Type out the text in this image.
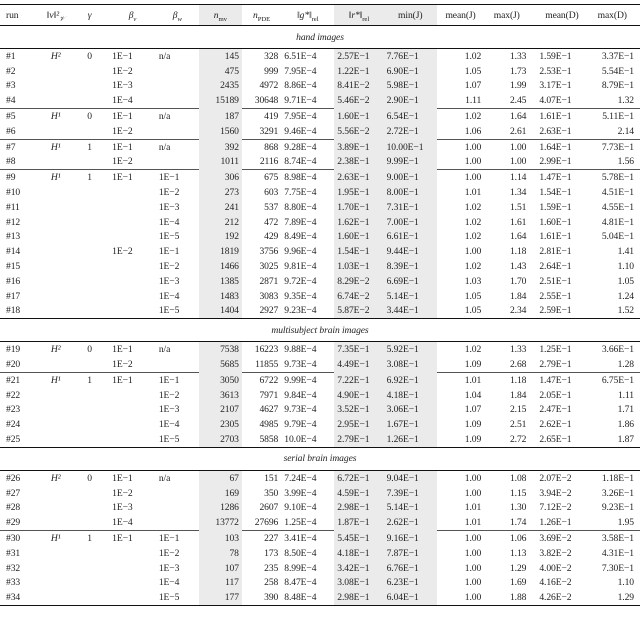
run	$‖v‖^2_𝒱$	γ	$\beta_v$	$\beta_w$	$n_{mv}$	$n_{PDE}$	$‖g*‖_{rel}$	$‖r*‖_{rel}$	min(J)	mean(J)	max(J)	mean(D)	max(D)
hand images													
#1	H²	0	1E−1	n/a	145	328	6.51E−4	2.57E−1	7.76E−1	1.02	1.33	1.59E−1	3.37E−1
#2			1E−2		475	999	7.95E−4	1.22E−1	6.90E−1	1.05	1.73	2.53E−1	5.54E−1
#3			1E−3		2435	4972	8.86E−4	8.41E−2	5.98E−1	1.07	1.99	3.17E−1	8.79E−1
#4			1E−4		15189	30648	9.71E−4	5.46E−2	2.90E−1	1.11	2.45	4.07E−1	1.32
#5	H¹	0	1E−1	n/a	187	419	7.95E−4	1.60E−1	6.54E−1	1.02	1.64	1.61E−1	5.11E−1
#6			1E−2		1560	3291	9.46E−4	5.56E−2	2.72E−1	1.06	2.61	2.63E−1	2.14
#7	H¹	1	1E−1	n/a	392	868	9.28E−4	3.89E−1	10.00E−1	1.00	1.00	1.64E−1	7.73E−1
#8			1E−2		1011	2116	8.74E−4	2.38E−1	9.99E−1	1.00	1.00	2.99E−1	1.56
#9	H¹	1	1E−1	1E−1	306	675	8.98E−4	2.63E−1	9.00E−1	1.00	1.14	1.47E−1	5.78E−1
#10				1E−2	273	603	7.75E−4	1.95E−1	8.00E−1	1.01	1.34	1.54E−1	4.51E−1
#11				1E−3	241	537	8.80E−4	1.70E−1	7.31E−1	1.02	1.51	1.59E−1	4.55E−1
#12				1E−4	212	472	7.89E−4	1.62E−1	7.00E−1	1.02	1.61	1.60E−1	4.81E−1
#13				1E−5	192	429	8.49E−4	1.60E−1	6.61E−1	1.02	1.64	1.61E−1	5.04E−1
#14			1E−2	1E−1	1819	3756	9.96E−4	1.54E−1	9.44E−1	1.00	1.18	2.81E−1	1.41
#15				1E−2	1466	3025	9.81E−4	1.03E−1	8.39E−1	1.02	1.43	2.64E−1	1.10
#16				1E−3	1385	2871	9.72E−4	8.29E−2	6.69E−1	1.03	1.70	2.51E−1	1.05
#17				1E−4	1483	3083	9.35E−4	6.74E−2	5.14E−1	1.05	1.84	2.55E−1	1.24
#18				1E−5	1404	2927	9.23E−4	5.87E−2	3.44E−1	1.05	2.34	2.59E−1	1.52
multisubject brain images													
#19	H²	0	1E−1	n/a	7538	16223	9.88E−4	7.35E−1	5.92E−1	1.02	1.33	1.25E−1	3.66E−1
#20			1E−2		5685	11855	9.73E−4	4.49E−1	3.08E−1	1.09	2.68	2.79E−1	1.28
#21	H¹	1	1E−1	1E−1	3050	6722	9.99E−4	7.22E−1	6.92E−1	1.01	1.18	1.47E−1	6.75E−1
#22				1E−2	3613	7971	9.84E−4	4.90E−1	4.18E−1	1.04	1.84	2.05E−1	1.11
#23				1E−3	2107	4627	9.73E−4	3.52E−1	3.06E−1	1.07	2.15	2.47E−1	1.71
#24				1E−4	2305	4985	9.79E−4	2.95E−1	1.67E−1	1.09	2.51	2.62E−1	1.86
#25				1E−5	2703	5858	10.0E−4	2.79E−1	1.26E−1	1.09	2.72	2.65E−1	1.87
serial brain images													
#26	H²	0	1E−1	n/a	67	151	7.24E−4	6.72E−1	9.04E−1	1.00	1.08	2.07E−2	1.18E−1
#27			1E−2		169	350	3.99E−4	4.59E−1	7.39E−1	1.00	1.15	3.94E−2	3.26E−1
#28			1E−3		1286	2607	9.10E−4	2.98E−1	5.14E−1	1.01	1.30	7.12E−2	9.23E−1
#29			1E−4		13772	27696	1.25E−4	1.87E−1	2.62E−1	1.01	1.74	1.26E−1	1.95
#30	H¹	1	1E−1	1E−1	103	227	3.41E−4	5.45E−1	9.16E−1	1.00	1.06	3.69E−2	3.58E−1
#31				1E−2	78	173	8.50E−4	4.18E−1	7.87E−1	1.00	1.13	3.82E−2	4.31E−1
#32				1E−3	107	235	8.99E−4	3.42E−1	6.76E−1	1.00	1.29	4.00E−2	7.30E−1
#33				1E−4	117	258	8.47E−4	3.08E−1	6.23E−1	1.00	1.69	4.16E−2	1.10
#34				1E−5	177	390	8.48E−4	2.98E−1	6.04E−1	1.00	1.88	4.26E−2	1.29
